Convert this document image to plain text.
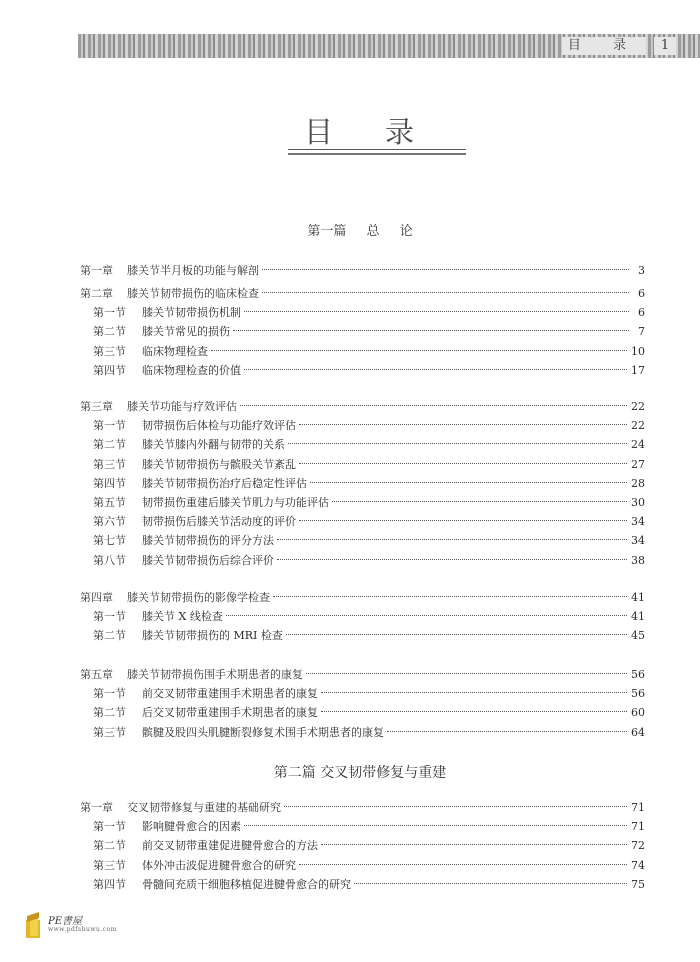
目 录	1
目录
第一篇 总 论
第一章 膝关节半月板的功能与解剖	3
第二章 膝关节韧带损伤的临床检查	6
第一节 膝关节韧带损伤机制	6
第二节 膝关节常见的损伤	7
第三节 临床物理检查	10
第四节 临床物理检查的价值	17
第三章 膝关节功能与疗效评估	22
第一节 韧带损伤后体检与功能疗效评估	22
第二节 膝关节膝内外翻与韧带的关系	24
第三节 膝关节韧带损伤与髌股关节紊乱	27
第四节 膝关节韧带损伤治疗后稳定性评估	28
第五节 韧带损伤重建后膝关节肌力与功能评估	30
第六节 韧带损伤后膝关节活动度的评价	34
第七节 膝关节韧带损伤的评分方法	34
第八节 膝关节韧带损伤后综合评价	38
第四章 膝关节韧带损伤的影像学检查	41
第一节 膝关节 X 线检查	41
第二节 膝关节韧带损伤的 MRI 检查	45
第五章 膝关节韧带损伤围手术期患者的康复	56
第一节 前交叉韧带重建围手术期患者的康复	56
第二节 后交叉韧带重建围手术期患者的康复	60
第三节 髌腱及股四头肌腱断裂修复术围手术期患者的康复	64
第二篇 交叉韧带修复与重建
第一章 交叉韧带修复与重建的基础研究	71
第一节 影响腱骨愈合的因素	71
第二节 前交叉韧带重建促进腱骨愈合的方法	72
第三节 体外冲击波促进腱骨愈合的研究	74
第四节 骨髓间充质干细胞移植促进腱骨愈合的研究	75
PE書屋
www.pdfshuwu.com
